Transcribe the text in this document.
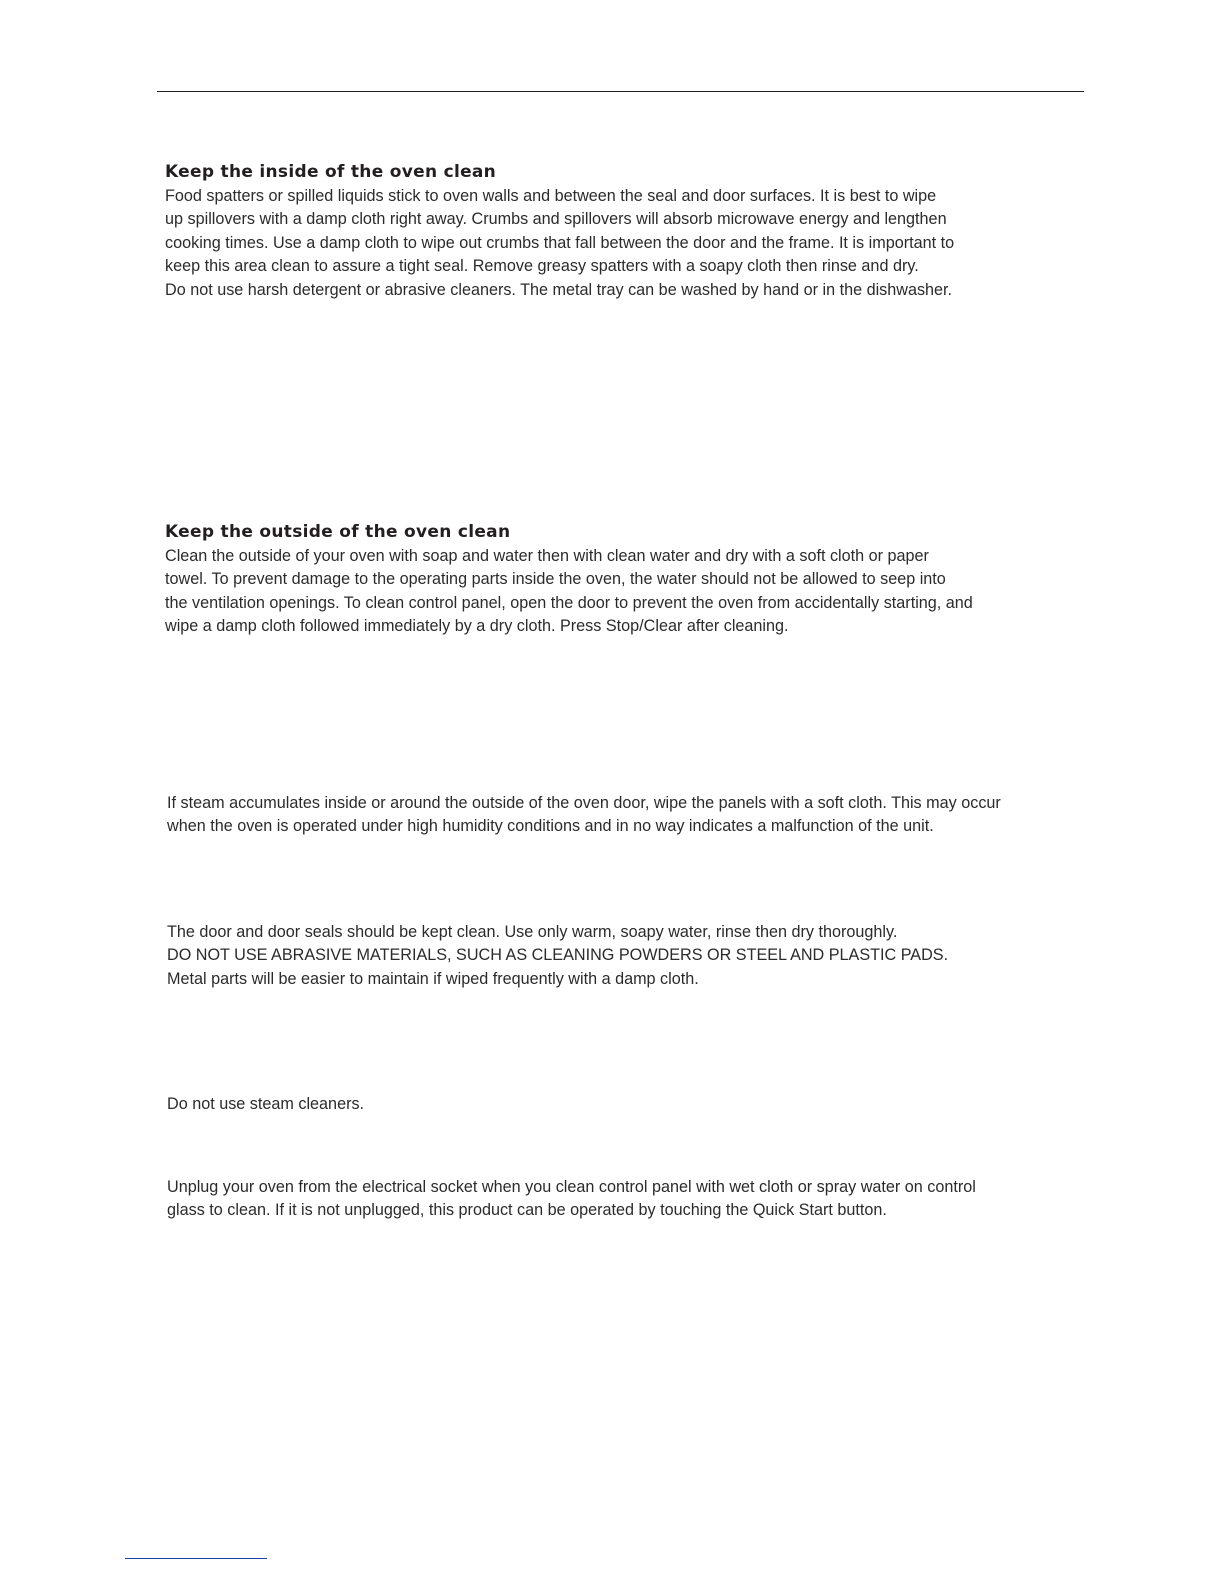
Keep the inside of the oven clean
Food spatters or spilled liquids stick to oven walls and between the seal and door surfaces. It is best to wipe
up spillovers with a damp cloth right away. Crumbs and spillovers will absorb microwave energy and lengthen
cooking times. Use a damp cloth to wipe out crumbs that fall between the door and the frame. It is important to
keep this area clean to assure a tight seal. Remove greasy spatters with a soapy cloth then rinse and dry.
Do not use harsh detergent or abrasive cleaners. The metal tray can be washed by hand or in the dishwasher.
Keep the outside of the oven clean
Clean the outside of your oven with soap and water then with clean water and dry with a soft cloth or paper
towel. To prevent damage to the operating parts inside the oven, the water should not be allowed to seep into
the ventilation openings. To clean control panel, open the door to prevent the oven from accidentally starting, and
wipe a damp cloth followed immediately by a dry cloth. Press Stop/Clear after cleaning.
If steam accumulates inside or around the outside of the oven door, wipe the panels with a soft cloth. This may occur
when the oven is operated under high humidity conditions and in no way indicates a malfunction of the unit.
The door and door seals should be kept clean. Use only warm, soapy water, rinse then dry thoroughly.
DO NOT USE ABRASIVE MATERIALS, SUCH AS CLEANING POWDERS OR STEEL AND PLASTIC PADS.
Metal parts will be easier to maintain if wiped frequently with a damp cloth.
Do not use steam cleaners.
Unplug your oven from the electrical socket when you clean control panel with wet cloth or spray water on control
glass to clean. If it is not unplugged, this product can be operated by touching the Quick Start button.
